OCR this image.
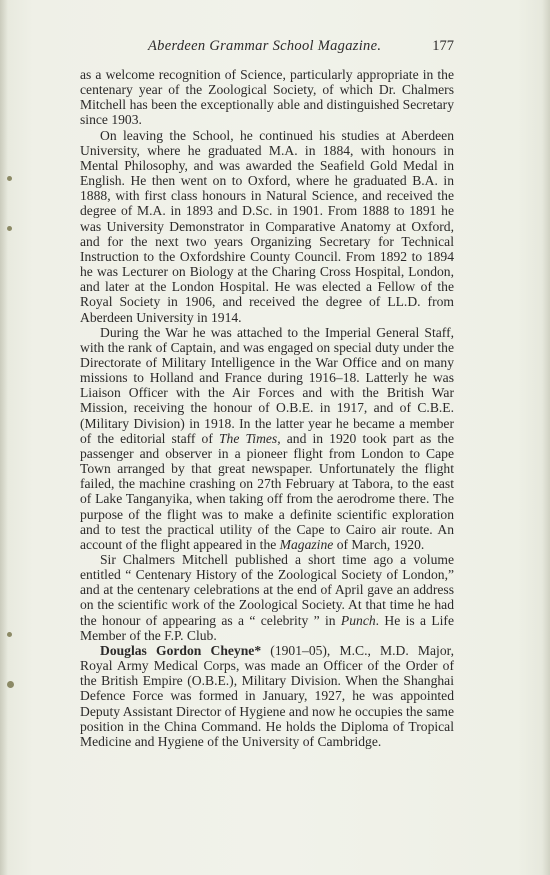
Aberdeen Grammar School Magazine.	177

as a welcome recognition of Science, particularly appropriate in the centenary year of the Zoological Society, of which Dr. Chalmers Mitchell has been the exceptionally able and distinguished Secretary since 1903.

On leaving the School, he continued his studies at Aberdeen University, where he graduated M.A. in 1884, with honours in Mental Philosophy, and was awarded the Seafield Gold Medal in English. He then went on to Oxford, where he graduated B.A. in 1888, with first class honours in Natural Science, and received the degree of M.A. in 1893 and D.Sc. in 1901. From 1888 to 1891 he was University Demonstrator in Comparative Anatomy at Oxford, and for the next two years Organizing Secretary for Technical Instruction to the Oxfordshire County Council. From 1892 to 1894 he was Lecturer on Biology at the Charing Cross Hospital, London, and later at the London Hospital. He was elected a Fellow of the Royal Society in 1906, and received the degree of LL.D. from Aberdeen University in 1914.

During the War he was attached to the Imperial General Staff, with the rank of Captain, and was engaged on special duty under the Directorate of Military Intelligence in the War Office and on many missions to Holland and France during 1916–18. Latterly he was Liaison Officer with the Air Forces and with the British War Mission, receiving the honour of O.B.E. in 1917, and of C.B.E. (Military Division) in 1918. In the latter year he became a member of the editorial staff of The Times, and in 1920 took part as the passenger and observer in a pioneer flight from London to Cape Town arranged by that great newspaper. Unfortunately the flight failed, the machine crashing on 27th February at Tabora, to the east of Lake Tanganyika, when taking off from the aerodrome there. The purpose of the flight was to make a definite scientific exploration and to test the practical utility of the Cape to Cairo air route. An account of the flight appeared in the Magazine of March, 1920.

Sir Chalmers Mitchell published a short time ago a volume entitled “ Centenary History of the Zoological Society of London,” and at the centenary celebrations at the end of April gave an address on the scientific work of the Zoological Society. At that time he had the honour of appearing as a “ celebrity ” in Punch. He is a Life Member of the F.P. Club.

Douglas Gordon Cheyne* (1901–05), M.C., M.D. Major, Royal Army Medical Corps, was made an Officer of the Order of the British Empire (O.B.E.), Military Division. When the Shanghai Defence Force was formed in January, 1927, he was appointed Deputy Assistant Director of Hygiene and now he occupies the same position in the China Command. He holds the Diploma of Tropical Medicine and Hygiene of the University of Cambridge.
